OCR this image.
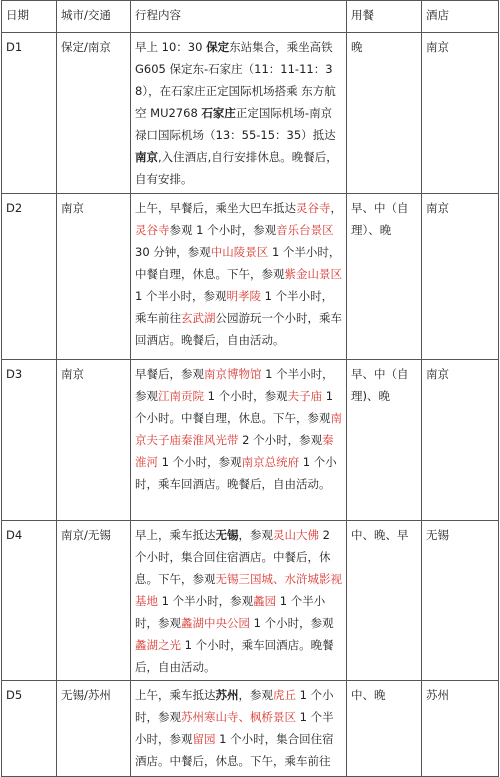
日期	城市/交通	行程内容	用餐	酒店
D1	保定/南京	早上 10：30 保定东站集合，乘坐高铁 G605 保定东-石家庄（11：11-11：38），在石家庄正定国际机场搭乘 东方航空 MU2768 石家庄正定国际机场-南京禄口国际机场（13：55-15：35）抵达南京,入住酒店,自行安排休息。晚餐后，自有安排。	晚	南京
D2	南京	上午，早餐后，乘坐大巴车抵达灵谷寺，灵谷寺参观 1 个小时，参观音乐台景区 30 分钟，参观中山陵景区 1 个半小时，中餐自理，休息。下午，参观紫金山景区 1 个半小时，参观明孝陵 1 个半小时，乘车前往玄武湖公园游玩一个小时，乘车回酒店。晚餐后，自由活动。	早、中（自理）、晚	南京
D3	南京	早餐后，参观南京博物馆 1 个半小时，参观江南贡院 1 个小时，参观夫子庙 1 个小时。中餐自理，休息。下午，参观南京夫子庙秦淮风光带 2 个小时，参观秦淮河 1 个小时，参观南京总统府 1 个小时，乘车回酒店。晚餐后，自由活动。	早、中（自理)、晚	南京
D4	南京/无锡	早上，乘车抵达无锡，参观灵山大佛 2 个小时，集合回住宿酒店。中餐后，休息。下午，参观无锡三国城、水浒城影视基地 1 个半小时，参观蠡园 1 个半小时，参观蠡湖中央公园 1 个小时，参观蠡湖之光 1 个小时，乘车回酒店。晚餐后，自由活动。	中、晚、早	无锡
D5	无锡/苏州	上午，乘车抵达苏州，参观虎丘 1 个小时，参观苏州寒山寺、枫桥景区 1 个半小时，参观留园 1 个小时，集合回住宿酒店。中餐后，休息。下午，乘车前往	中、晚	苏州
